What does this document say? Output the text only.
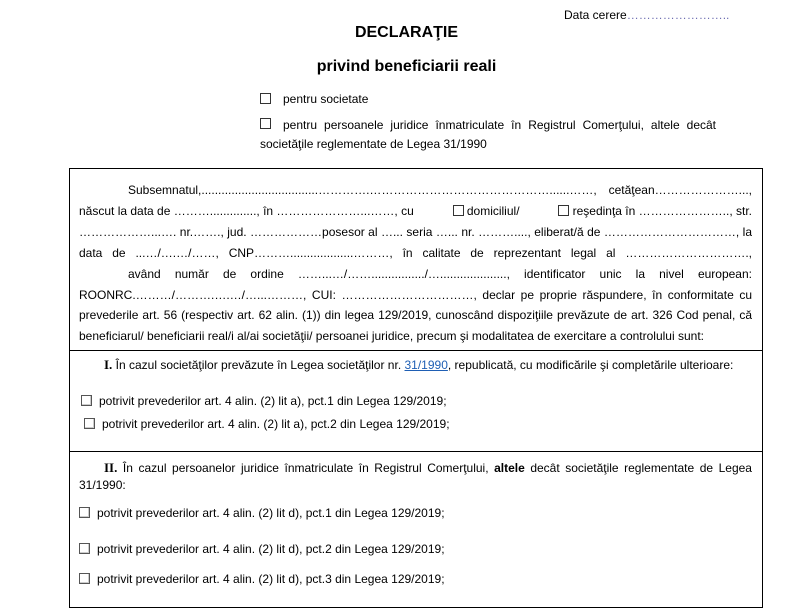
Data cerere……………………..
DECLARAŢIE
privind beneficiarii reali
pentru societate
pentru persoanele juridice înmatriculate în Registrul Comerţului, altele decât
societăţile reglementate de Legea 31/1990
Subsemnatul,...................................………….………………………………………......……, cetăţean…………………...,
născut la data de ……….............., în …………………...……, cu	domiciliul/	reşedinţa în ………………….., str.
………………...…. nr.……., jud. ………………posesor al …... seria …... nr. ………...., eliberat/ă de ……………………………, la
data de ...…/….…/……, CNP………...................………, în calitate de reprezentant legal al ………………………….,
având număr de ordine ……...…/……................/…...................., identificator unic la nivel european:
ROONRC.………/……….….…/…...………, CUI: ……………………………, declar pe proprie răspundere, în conformitate cu
prevederile art. 56 (respectiv art. 62 alin. (1)) din legea 129/2019, cunoscând dispoziţiile prevăzute de art. 326 Cod penal, că
beneficiarul/ beneficiarii real/i al/ai societăţii/ persoanei juridice, precum şi modalitatea de exercitare a controlului sunt:
I. În cazul societăţilor prevăzute în Legea societăţilor nr. 31/1990, republicată, cu modificările şi completările ulterioare:
potrivit prevederilor art. 4 alin. (2) lit a), pct.1 din Legea 129/2019;
potrivit prevederilor art. 4 alin. (2) lit a), pct.2 din Legea 129/2019;
II. În cazul persoanelor juridice înmatriculate în Registrul Comerţului, altele decât societăţile reglementate de Legea
31/1990:
potrivit prevederilor art. 4 alin. (2) lit d), pct.1 din Legea 129/2019;
potrivit prevederilor art. 4 alin. (2) lit d), pct.2 din Legea 129/2019;
potrivit prevederilor art. 4 alin. (2) lit d), pct.3 din Legea 129/2019;
